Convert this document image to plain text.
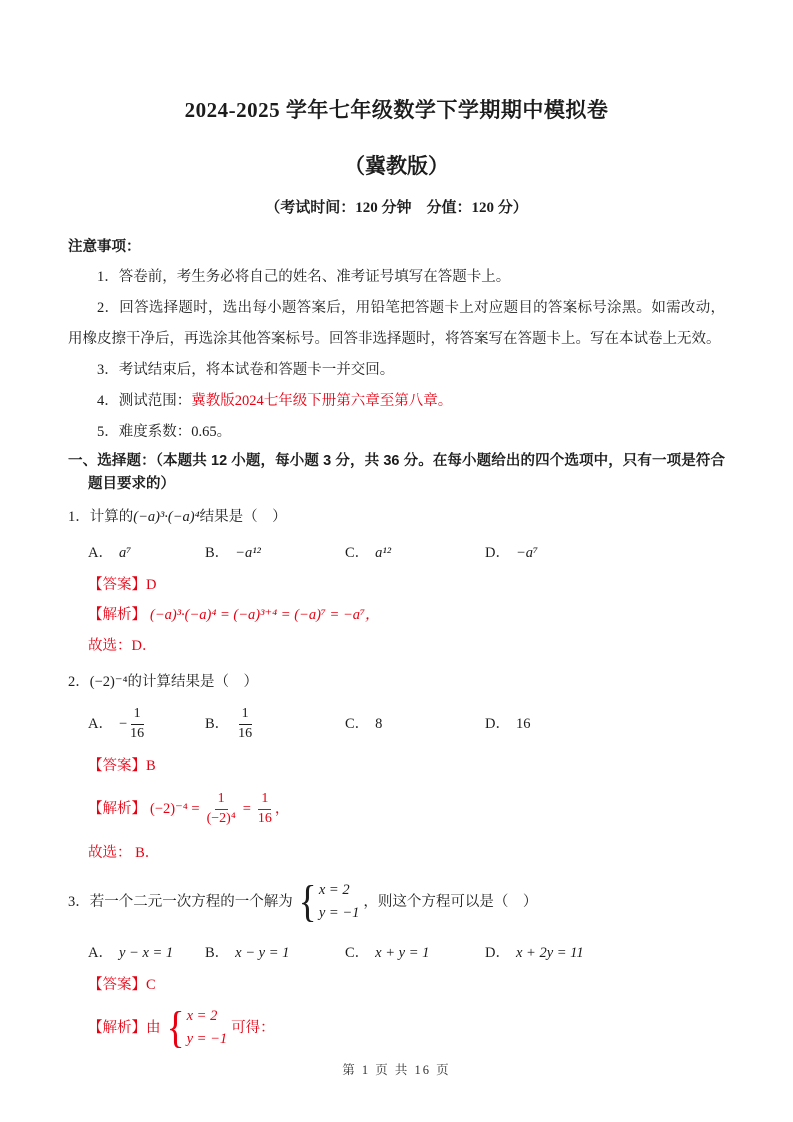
2024-2025 学年七年级数学下学期期中模拟卷
（冀教版）
（考试时间：120 分钟　分值：120 分）
注意事项：
1．答卷前，考生务必将自己的姓名、准考证号填写在答题卡上。
2．回答选择题时，选出每小题答案后，用铅笔把答题卡上对应题目的答案标号涂黑。如需改动，用橡皮擦干净后，再选涂其他答案标号。回答非选择题时，将答案写在答题卡上。写在本试卷上无效。
3．考试结束后，将本试卷和答题卡一并交回。
4．测试范围：冀教版2024七年级下册第六章至第八章。
5．难度系数：0.65。
一、选择题：（本题共 12 小题，每小题 3 分，共 36 分。在每小题给出的四个选项中，只有一项是符合题目要求的）
1． 计算的 (−a)³·(−a)⁴ 结果是（　）
A． a⁷	B． −a¹²	C． a¹²	D． −a⁷
【答案】D
【解析】 (−a)³·(−a)⁴ = (−a)³⁺⁴ = (−a)⁷ = −a⁷，
故选：D．
2． (−2)⁻⁴ 的计算结果是（　）
A． − $\frac{1}{16}$	B． $\frac{1}{16}$	C． 8	D． 16
【答案】B
【解析】 $(-2)^{-4} = \frac{1}{\text{(−2)⁴}} = \frac{1}{16}$ ，
故选： B．
3． 若一个二元一次方程的一个解为 { x = 2
y = −1
，则这个方程可以是（　）
A． y − x = 1 B． x − y = 1	C． x + y = 1	D． x + 2y = 11
【答案】C
【解析】 由 { x = 2
y = −1
可得：
第 1 页 共 16 页
